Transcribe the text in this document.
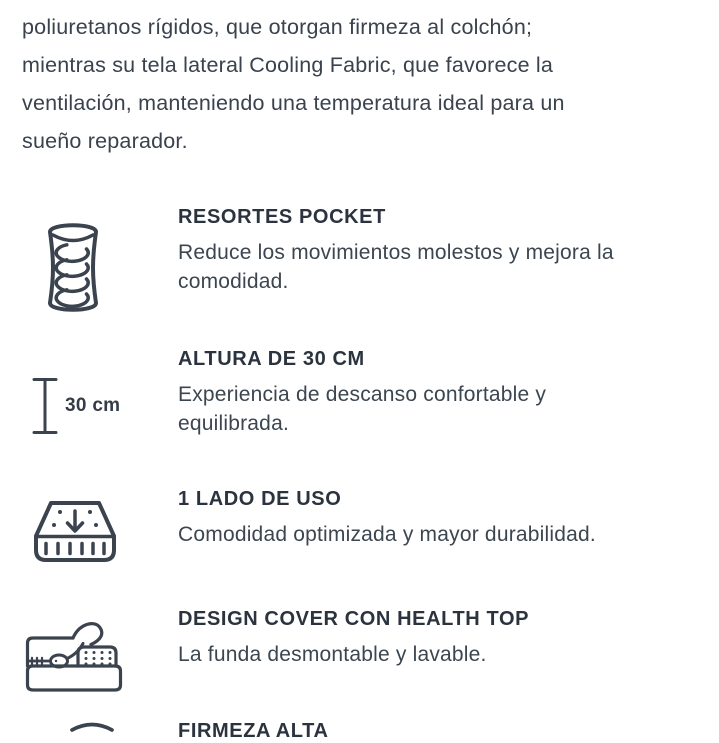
poliuretanos rígidos, que otorgan firmeza al colchón;
mientras su tela lateral Cooling Fabric, que favorece la
ventilación, manteniendo una temperatura ideal para un
sueño reparador.
RESORTES POCKET
Reduce los movimientos molestos y mejora la comodidad.
30 cm
ALTURA DE 30 CM
Experiencia de descanso confortable y equilibrada.
1 LADO DE USO
Comodidad optimizada y mayor durabilidad.
DESIGN COVER CON HEALTH TOP
La funda desmontable y lavable.
FIRMEZA ALTA
